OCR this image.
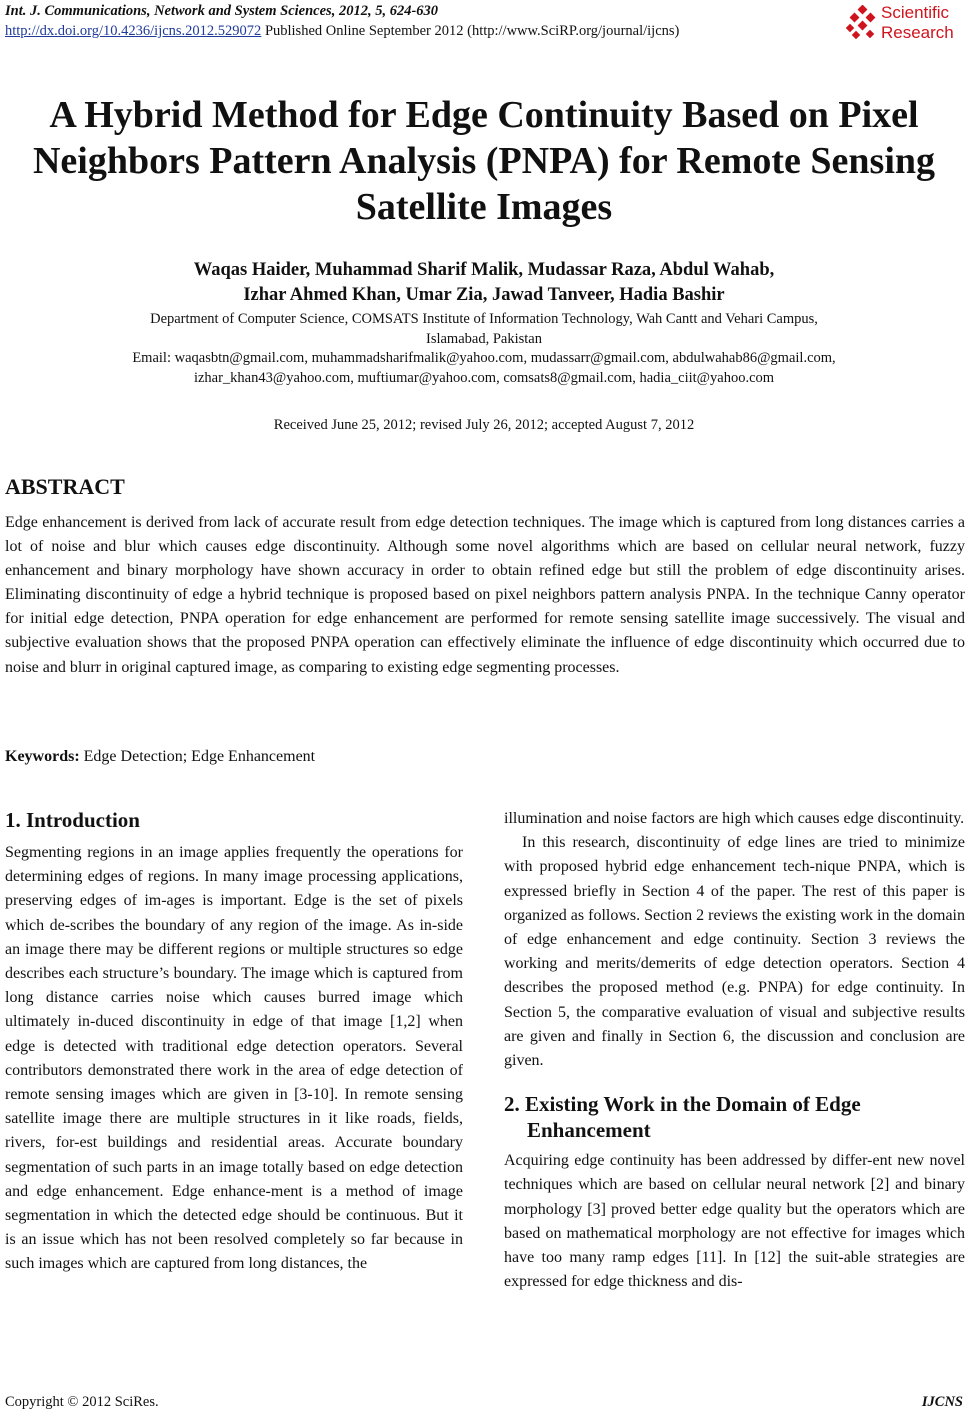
Int. J. Communications, Network and System Sciences, 2012, 5, 624-630
http://dx.doi.org/10.4236/ijcns.2012.529072 Published Online September 2012 (http://www.SciRP.org/journal/ijcns)
Scientific
Research
A Hybrid Method for Edge Continuity Based on Pixel Neighbors Pattern Analysis (PNPA) for Remote Sensing Satellite Images
Waqas Haider, Muhammad Sharif Malik, Mudassar Raza, Abdul Wahab,
Izhar Ahmed Khan, Umar Zia, Jawad Tanveer, Hadia Bashir
Department of Computer Science, COMSATS Institute of Information Technology, Wah Cantt and Vehari Campus,
Islamabad, Pakistan
Email: waqasbtn@gmail.com, muhammadsharifmalik@yahoo.com, mudassarr@gmail.com, abdulwahab86@gmail.com,
izhar_khan43@yahoo.com, muftiumar@yahoo.com, comsats8@gmail.com, hadia_ciit@yahoo.com
Received June 25, 2012; revised July 26, 2012; accepted August 7, 2012
ABSTRACT
Edge enhancement is derived from lack of accurate result from edge detection techniques. The image which is captured from long distances carries a lot of noise and blur which causes edge discontinuity. Although some novel algorithms which are based on cellular neural network, fuzzy enhancement and binary morphology have shown accuracy in order to obtain refined edge but still the problem of edge discontinuity arises. Eliminating discontinuity of edge a hybrid technique is proposed based on pixel neighbors pattern analysis PNPA. In the technique Canny operator for initial edge detection, PNPA operation for edge enhancement are performed for remote sensing satellite image successively. The visual and subjective evaluation shows that the proposed PNPA operation can effectively eliminate the influence of edge discontinuity which occurred due to noise and blurr in original captured image, as comparing to existing edge segmenting processes.
Keywords: Edge Detection; Edge Enhancement
1. Introduction

Segmenting regions in an image applies frequently the operations for determining edges of regions. In many image processing applications, preserving edges of im-ages is important. Edge is the set of pixels which de-scribes the boundary of any region of the image. As in-side an image there may be different regions or multiple structures so edge describes each structure’s boundary. The image which is captured from long distance carries noise which causes burred image which ultimately in-duced discontinuity in edge of that image [1,2] when edge is detected with traditional edge detection operators. Several contributors demonstrated there work in the area of edge detection of remote sensing images which are given in [3-10]. In remote sensing satellite image there are multiple structures in it like roads, fields, rivers, for-est buildings and residential areas. Accurate boundary segmentation of such parts in an image totally based on edge detection and edge enhancement. Edge enhance-ment is a method of image segmentation in which the detected edge should be continuous. But it is an issue which has not been resolved completely so far because in such images which are captured from long distances, the

illumination and noise factors are high which causes edge discontinuity.

In this research, discontinuity of edge lines are tried to minimize with proposed hybrid edge enhancement tech-nique PNPA, which is expressed briefly in Section 4 of the paper. The rest of this paper is organized as follows. Section 2 reviews the existing work in the domain of edge enhancement and edge continuity. Section 3 reviews the working and merits/demerits of edge detection operators. Section 4 describes the proposed method (e.g. PNPA) for edge continuity. In Section 5, the comparative evaluation of visual and subjective results are given and finally in Section 6, the discussion and conclusion are given.

2. Existing Work in the Domain of Edge Enhancement

Acquiring edge continuity has been addressed by differ-ent new novel techniques which are based on cellular neural network [2] and binary morphology [3] proved better edge quality but the operators which are based on mathematical morphology are not effective for images which have too many ramp edges [11]. In [12] the suit-able strategies are expressed for edge thickness and dis-

Copyright © 2012 SciRes.	IJCNS
